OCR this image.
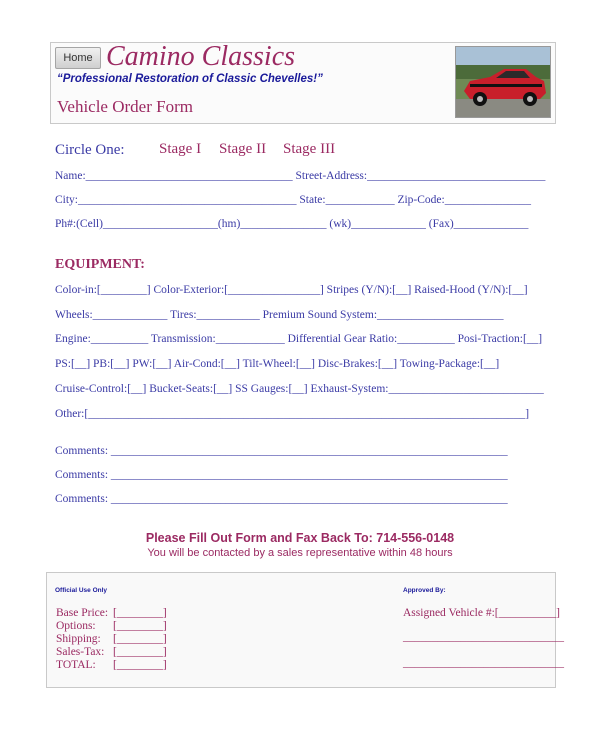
Home Camino Classics
“Professional Restoration of Classic Chevelles!”
Vehicle Order Form
Circle One: Stage I Stage II Stage III
Name:____________________________________ Street-Address:_______________________________
City:______________________________________ State:____________ Zip-Code:_______________
Ph#:(Cell)____________________(hm)_______________ (wk)_____________ (Fax)_____________
EQUIPMENT:
Color-in:[________] Color-Exterior:[________________] Stripes (Y/N):[__] Raised-Hood (Y/N):[__]
Wheels:_____________ Tires:___________ Premium Sound System:______________________
Engine:__________ Transmission:____________ Differential Gear Ratio:__________ Posi-Traction:[__]
PS:[__] PB:[__] PW:[__] Air-Cond:[__] Tilt-Wheel:[__] Disc-Brakes:[__] Towing-Package:[__]
Cruise-Control:[__] Bucket-Seats:[__] SS Gauges:[__] Exhaust-System:___________________________
Other:[____________________________________________________________________________]
Comments: _____________________________________________________________________
Comments: _____________________________________________________________________
Comments: _____________________________________________________________________
Please Fill Out Form and Fax Back To: 714-556-0148
You will be contacted by a sales representative within 48 hours
Official Use Only	Approved By:
Base Price: [________]
Options: [________]
Shipping: [________]
Sales-Tax: [________]
TOTAL: [________]
Assigned Vehicle #:[__________]
____________________________
____________________________
